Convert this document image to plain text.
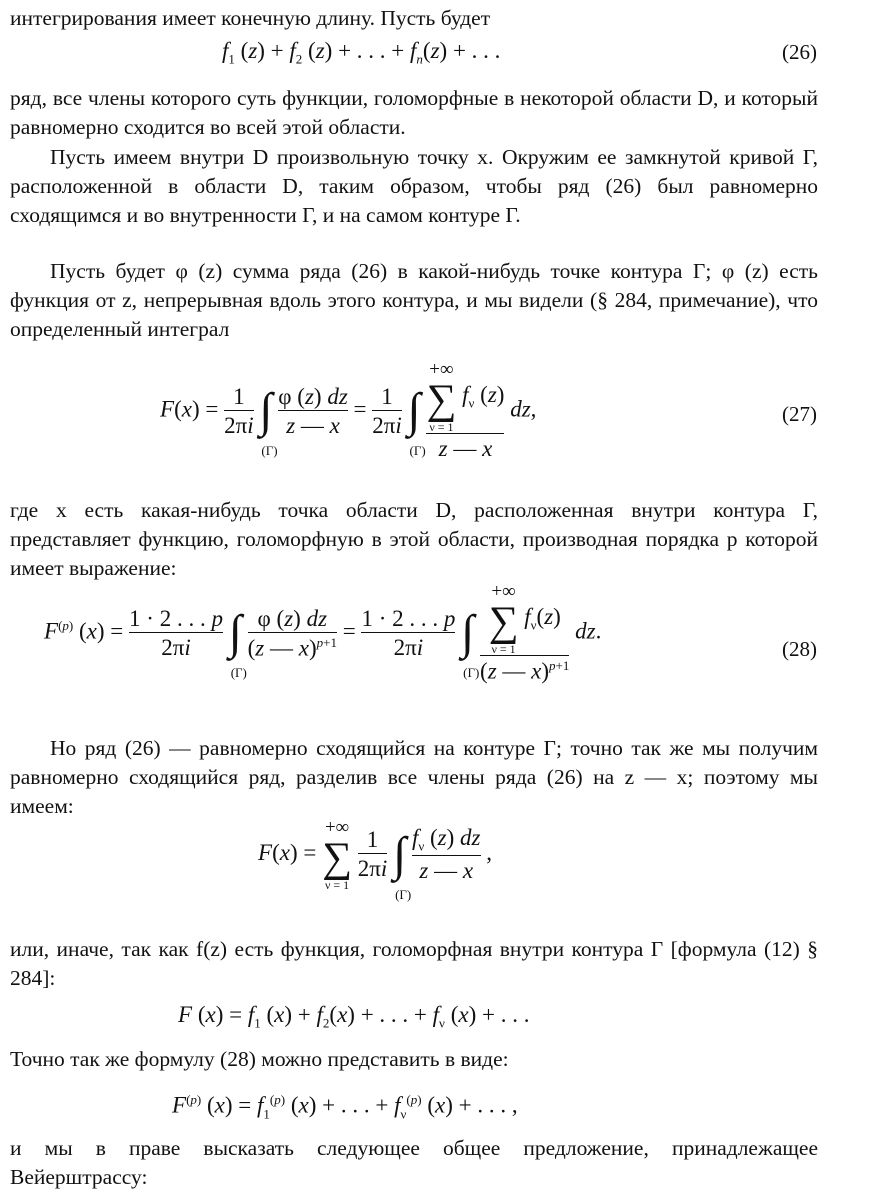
интегрирования имеет конечную длину. Пусть будет

$f_1$ $(z) + f_2$ (z) + . . . + $f_n(z)$ + . . .	(26)

ряд, все члены которого суть функции, голоморфные в некоторой области D, и который равномерно сходится во всей этой области.

Пусть имеем внутри D произвольную точку x. Окружим ее замкнутой кривой Γ, расположенной в области D, таким образом, чтобы ряд (26) был равномерно сходящимся и во внутренности Γ, и на самом контуре Γ.

Пусть будет φ (z) сумма ряда (26) в какой-нибудь точке контура Γ; φ (z) есть функция от z, непрерывная вдоль этого контура, и мы видели (§ 284, примечание), что определенный интеграл

$F(x) = \frac{1}{2\pi i}$ ∫
(Γ)

$\frac{\varphi (z) dz}{z — x} = \frac{1}{2\pi i}$ ∫
(Γ)
+∞
∑
ν = 1
$f_\nu$ (z)
z — x dz,	(27)

где x есть какая-нибудь точка области D, расположенная внутри контура Γ, представляет функцию, голоморфную в этой области, производная порядка p которой имеет выражение:

$F^{(p)}$ $(x) = \frac{1 \cdot 2 . . . p}{2\pi i}$ ∫
(Γ)

$\frac{\varphi (z) dz}{(z — x)^{p+1}} = \frac{1 \cdot 2 . . . p}{2\pi i}$ ∫
(Γ)
+∞
∑
ν = 1
$f_\nu(z)$
(z — x)$^{p+1}$ dz.
(28)

Но ряд (26) — равномерно сходящийся на контуре Γ; точно так же мы получим равномерно сходящийся ряд, разделив все члены ряда (26) на z — x; поэтому мы имеем:

F(x) =
+∞
∑
ν = 1

$\frac{1}{2\pi i}$ ∫
(Γ)

$\frac{f_\nu (z) dz}{z — x}$ ,

или, иначе, так как f(z) есть функция, голоморфная внутри контура Γ [формула (12) § 284]:

F $(x) = f_1$ $(x) + f_2(x)$ + . . . + $f_\nu$ (x) + . . .

Точно так же формулу (28) можно представить в виде:

$F^{(p)}$ $(x) = f_1^{(p)}$ (x) + . . . + $f_\nu^{(p)}$ (x) + . . . ,

и мы в праве высказать следующее общее предложение, принадлежащее Вейерштрассу:
